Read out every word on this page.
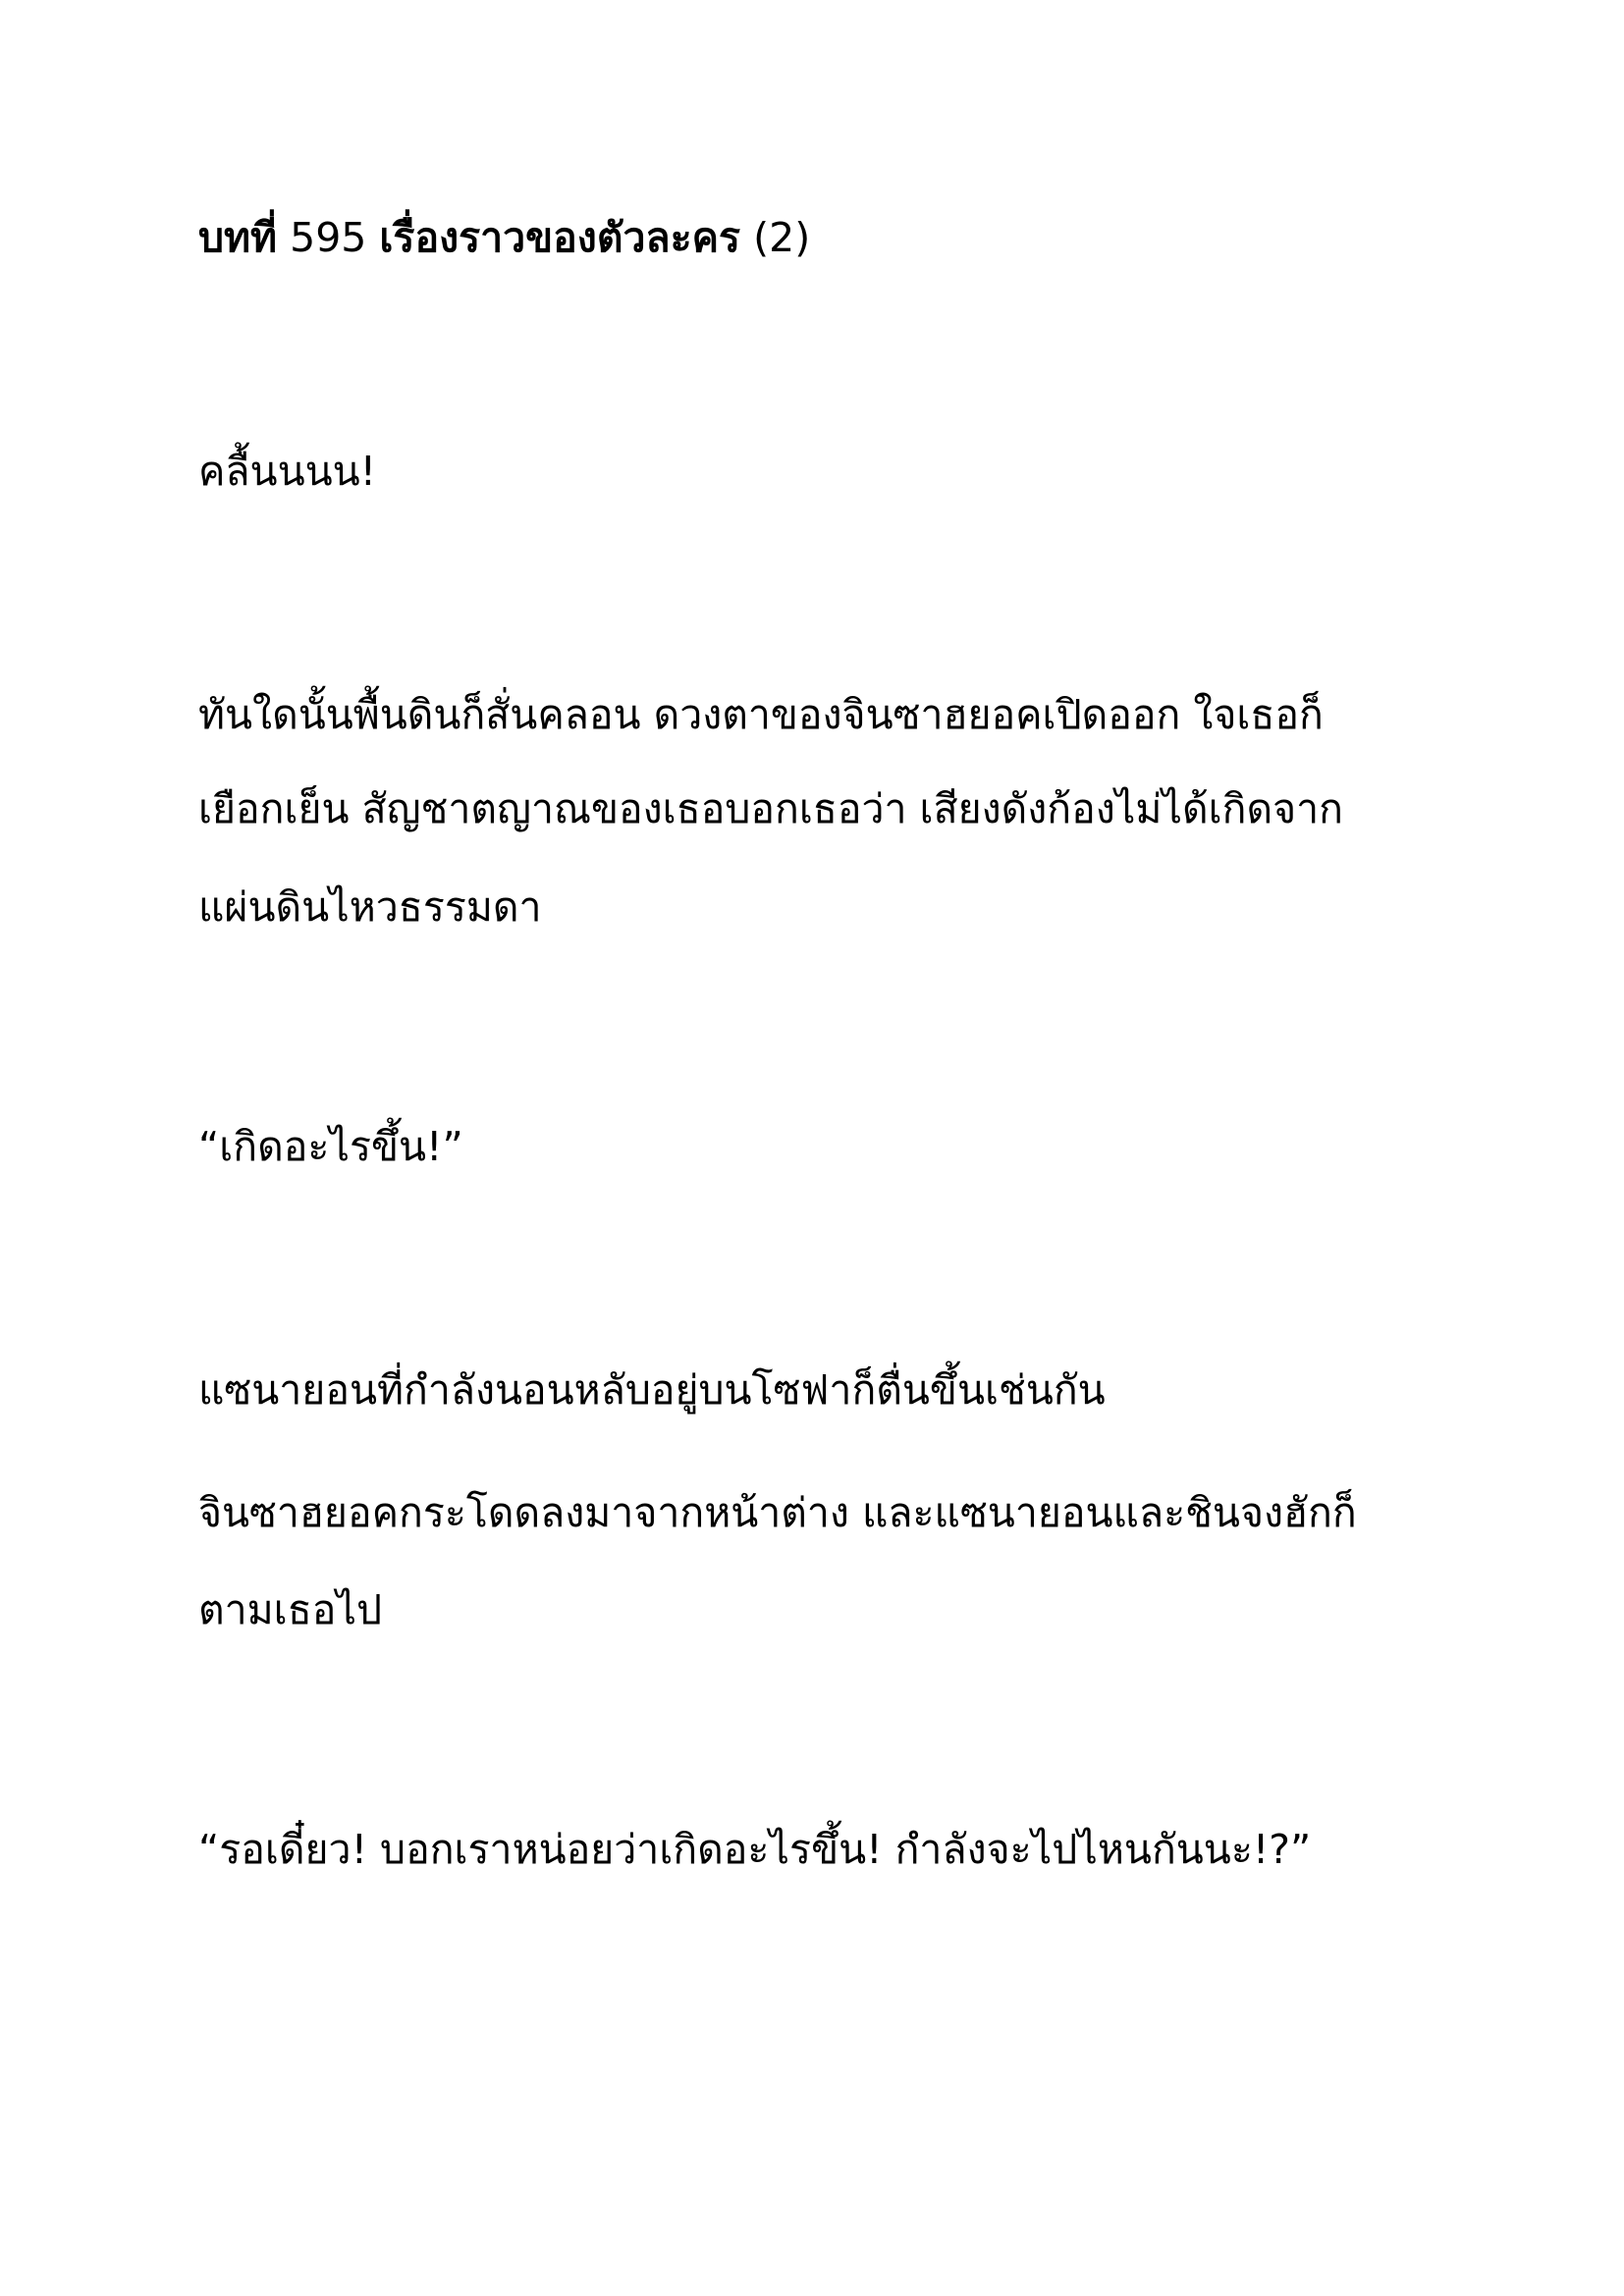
บทที่ 595 เรื่องราวของตัวละคร (2)

คลื้นนนน!

ทันใดนั้นพื้นดินก็สั่นคลอน ดวงตาของจินซาฮยอคเปิดออก ใจเธอก็

เยือกเย็น สัญชาตญาณของเธอบอกเธอว่า เสียงดังก้องไม่ได้เกิดจาก

แผ่นดินไหวธรรมดา

“เกิดอะไรขึ้น!”

แซนายอนที่กำลังนอนหลับอยู่บนโซฟาก็ตื่นขึ้นเช่นกัน

จินซาฮยอคกระโดดลงมาจากหน้าต่าง และแซนายอนและชินจงฮักก็

ตามเธอไป

“รอเดี๋ยว! บอกเราหน่อยว่าเกิดอะไรขึ้น! กำลังจะไปไหนกันนะ!?”
